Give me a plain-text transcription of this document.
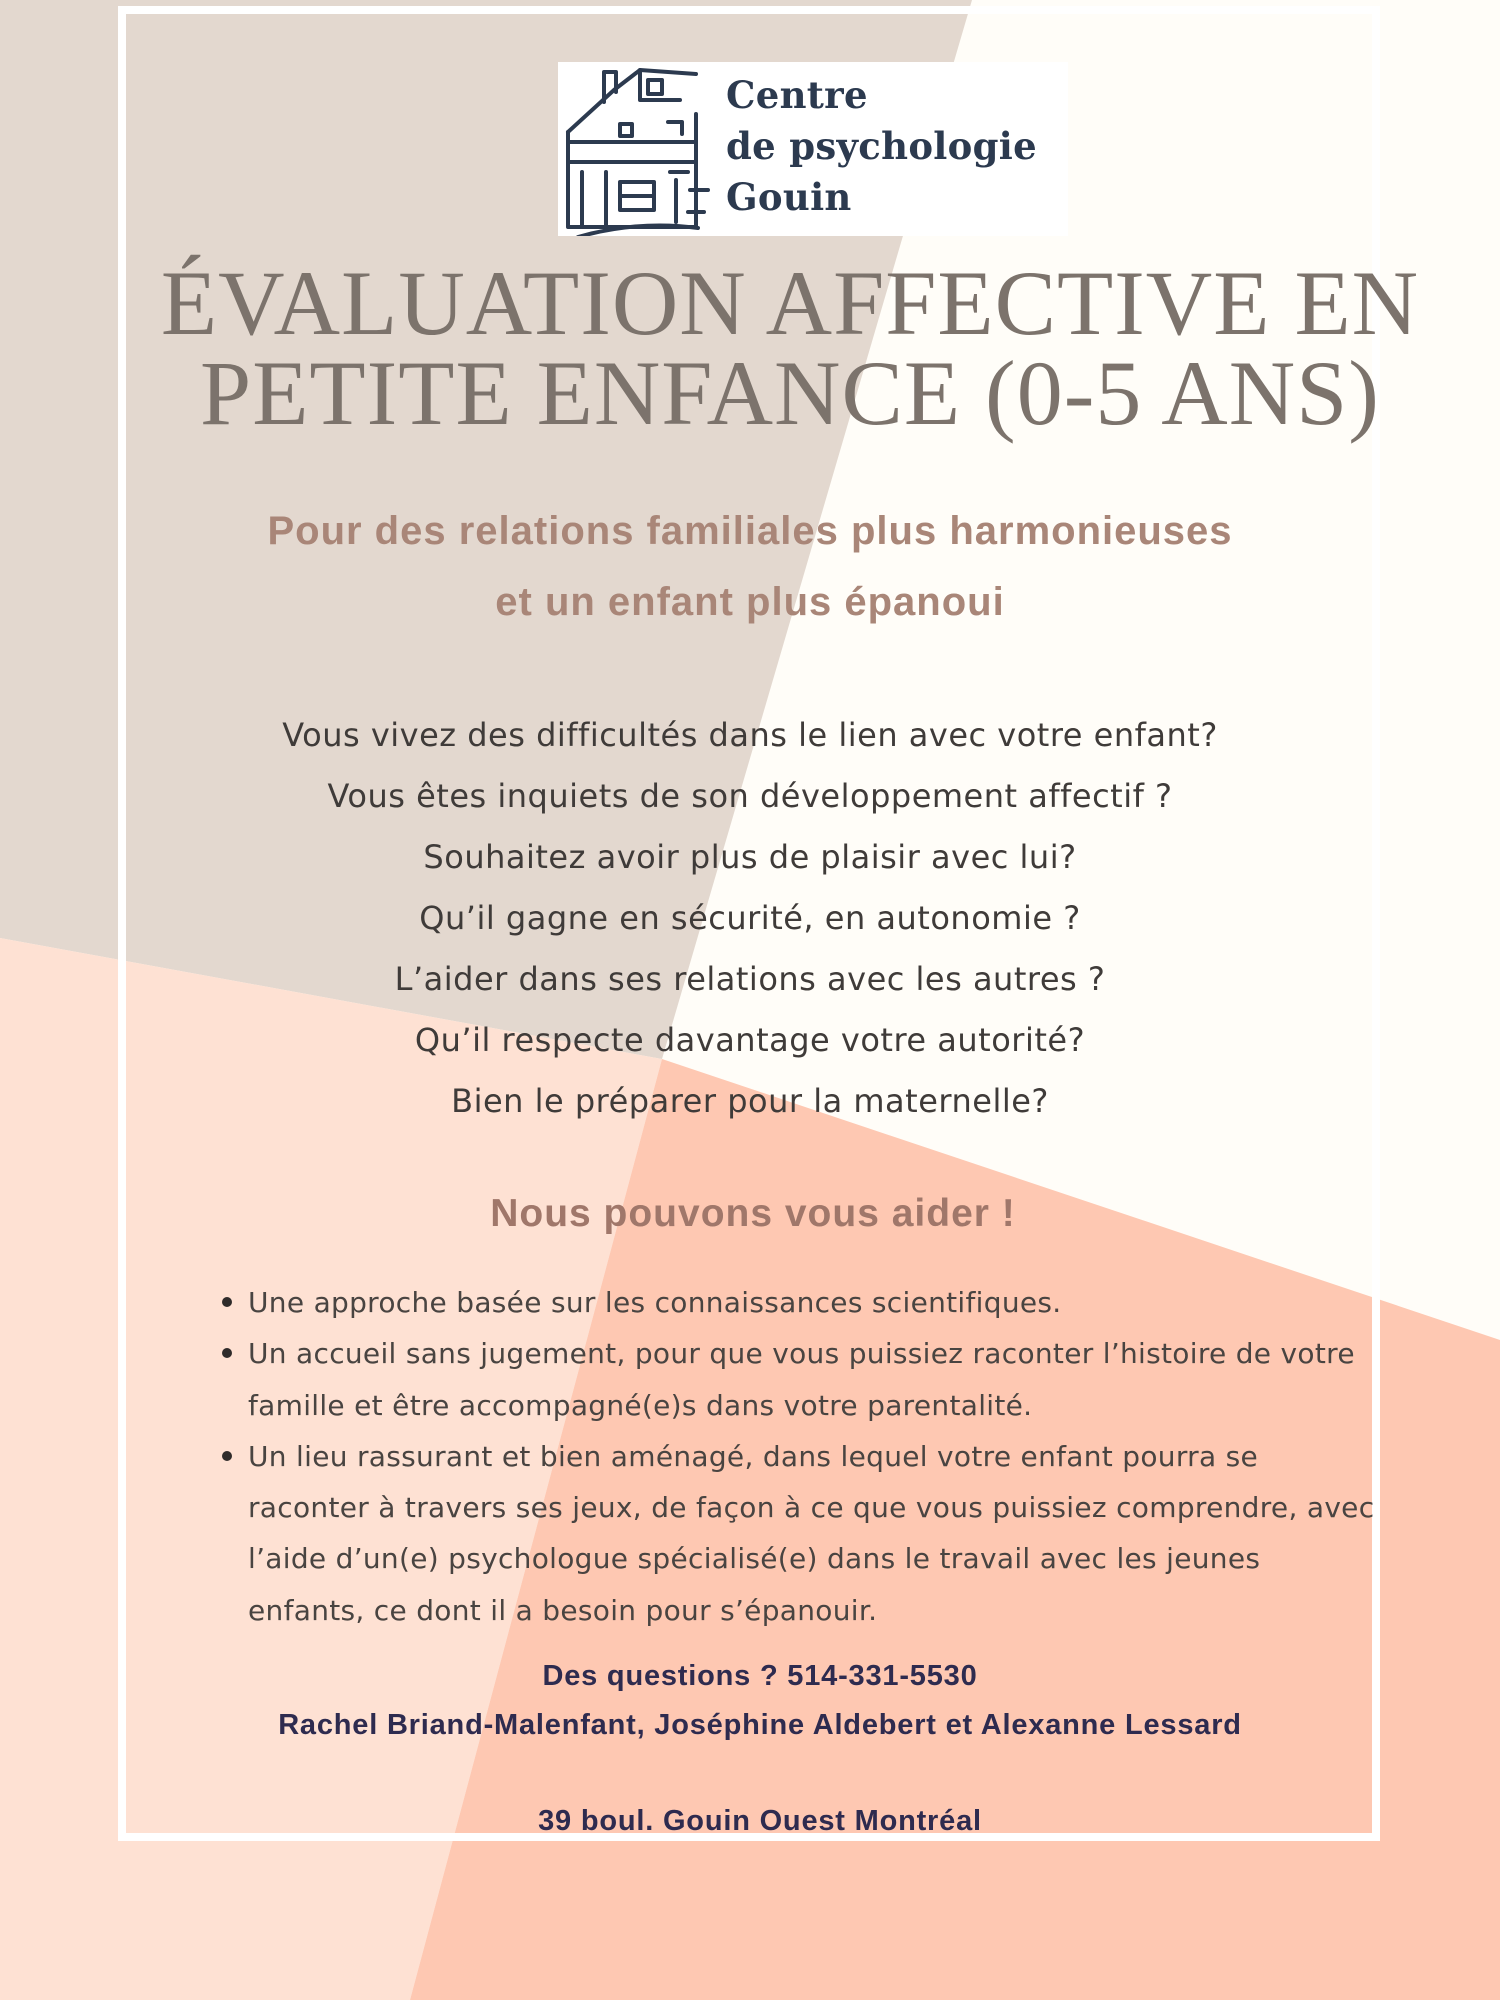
Centre
de psychologie
Gouin
ÉVALUATION AFFECTIVE EN
PETITE ENFANCE (0-5 ANS)
Pour des relations familiales plus harmonieuses
et un enfant plus épanoui
Vous vivez des difficultés dans le lien avec votre enfant?
Vous êtes inquiets de son développement affectif ?
Souhaitez avoir plus de plaisir avec lui?
Qu’il gagne en sécurité, en autonomie ?
L’aider dans ses relations avec les autres ?
Qu’il respecte davantage votre autorité?
Bien le préparer pour la maternelle?
Nous pouvons vous aider !
Une approche basée sur les connaissances scientifiques.
Un accueil sans jugement, pour que vous puissiez raconter l’histoire de votre famille et être accompagné(e)s dans votre parentalité.
Un lieu rassurant et bien aménagé, dans lequel votre enfant pourra se raconter à travers ses jeux, de façon à ce que vous puissiez comprendre, avec l’aide d’un(e) psychologue spécialisé(e) dans le travail avec les jeunes enfants, ce dont il a besoin pour s’épanouir.
Des questions ? 514-331-5530
Rachel Briand-Malenfant, Joséphine Aldebert et Alexanne Lessard
39 boul. Gouin Ouest Montréal
